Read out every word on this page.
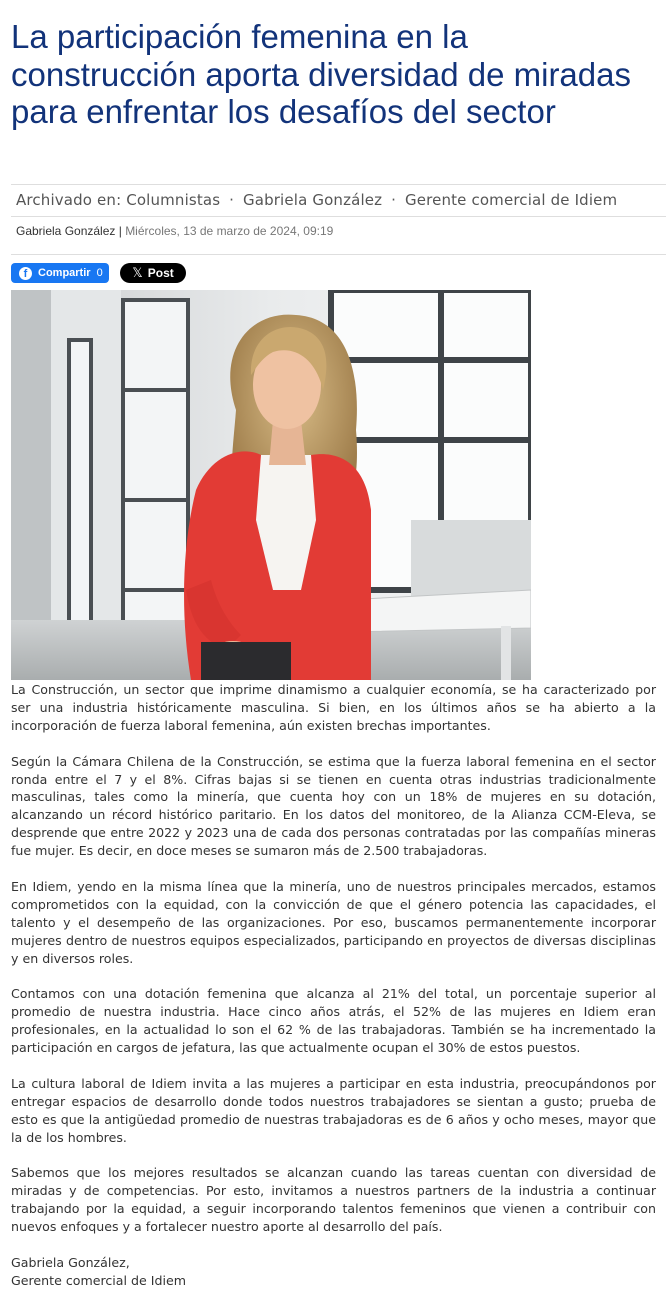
La participación femenina en la construcción aporta diversidad de miradas para enfrentar los desafíos del sector
Archivado en: Columnistas · Gabriela González · Gerente comercial de Idiem
Gabriela González | Miércoles, 13 de marzo de 2024, 09:19
f Compartir 0 𝕏 Post

La Construcción, un sector que imprime dinamismo a cualquier economía, se ha caracterizado por ser una industria históricamente masculina. Si bien, en los últimos años se ha abierto a la incorporación de fuerza laboral femenina, aún existen brechas importantes.

Según la Cámara Chilena de la Construcción, se estima que la fuerza laboral femenina en el sector ronda entre el 7 y el 8%. Cifras bajas si se tienen en cuenta otras industrias tradicionalmente masculinas, tales como la minería, que cuenta hoy con un 18% de mujeres en su dotación, alcanzando un récord histórico paritario. En los datos del monitoreo, de la Alianza CCM-Eleva, se desprende que entre 2022 y 2023 una de cada dos personas contratadas por las compañías mineras fue mujer. Es decir, en doce meses se sumaron más de 2.500 trabajadoras.

En Idiem, yendo en la misma línea que la minería, uno de nuestros principales mercados, estamos comprometidos con la equidad, con la convicción de que el género potencia las capacidades, el talento y el desempeño de las organizaciones. Por eso, buscamos permanentemente incorporar mujeres dentro de nuestros equipos especializados, participando en proyectos de diversas disciplinas y en diversos roles.

Contamos con una dotación femenina que alcanza al 21% del total, un porcentaje superior al promedio de nuestra industria. Hace cinco años atrás, el 52% de las mujeres en Idiem eran profesionales, en la actualidad lo son el 62 % de las trabajadoras. También se ha incrementado la participación en cargos de jefatura, las que actualmente ocupan el 30% de estos puestos.

La cultura laboral de Idiem invita a las mujeres a participar en esta industria, preocupándonos por entregar espacios de desarrollo donde todos nuestros trabajadores se sientan a gusto; prueba de esto es que la antigüedad promedio de nuestras trabajadoras es de 6 años y ocho meses, mayor que la de los hombres.

Sabemos que los mejores resultados se alcanzan cuando las tareas cuentan con diversidad de miradas y de competencias. Por esto, invitamos a nuestros partners de la industria a continuar trabajando por la equidad, a seguir incorporando talentos femeninos que vienen a contribuir con nuevos enfoques y a fortalecer nuestro aporte al desarrollo del país.

Gabriela González,

Gerente comercial de Idiem
